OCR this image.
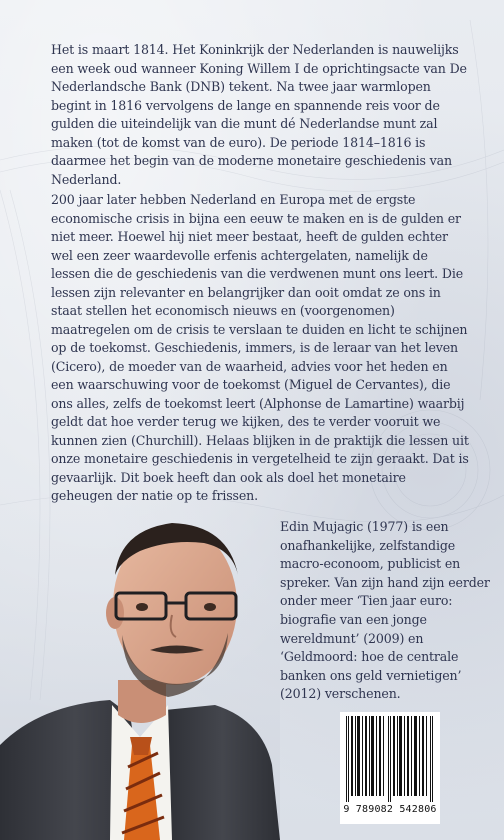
Het is maart 1814. Het Koninkrijk der Nederlanden is nauwelijks een week oud wanneer Koning Willem I de oprichtingsacte van De Nederlandsche Bank (DNB) tekent. Na twee jaar warmlopen begint in 1816 vervolgens de lange en spannende reis voor de gulden die uiteindelijk van die munt dé Nederlandse munt zal maken (tot de komst van de euro). De periode 1814–1816 is daarmee het begin van de moderne monetaire geschiedenis van Nederland.

200 jaar later hebben Nederland en Europa met de ergste economische crisis in bijna een eeuw te maken en is de gulden er niet meer. Hoewel hij niet meer bestaat, heeft de gulden echter wel een zeer waardevolle erfenis achtergelaten, namelijk de lessen die de geschiedenis van die verdwenen munt ons leert. Die lessen zijn relevanter en belangrijker dan ooit omdat ze ons in staat stellen het economisch nieuws en (voorgenomen) maatregelen om de crisis te verslaan te duiden en licht te schijnen op de toekomst. Geschiedenis, immers, is de leraar van het leven (Cicero), de moeder van de waarheid, advies voor het heden en een waarschuwing voor de toekomst (Miguel de Cervantes), die ons alles, zelfs de toekomst leert (Alphonse de Lamartine) waarbij geldt dat hoe verder terug we kijken, des te verder vooruit we kunnen zien (Churchill). Helaas blijken in de praktijk die lessen uit onze monetaire geschiedenis in vergetelheid te zijn geraakt. Dat is gevaarlijk. Dit boek heeft dan ook als doel het monetaire geheugen der natie op te frissen.

Edin Mujagic (1977) is een onafhankelijke, zelfstandige macro-econoom, publicist en spreker. Van zijn hand zijn eerder onder meer ‘Tien jaar euro: biografie van een jonge wereldmunt’ (2009) en ‘Geldmoord: hoe de centrale banken ons geld vernietigen’ (2012) verschenen.

9 789082 542806
